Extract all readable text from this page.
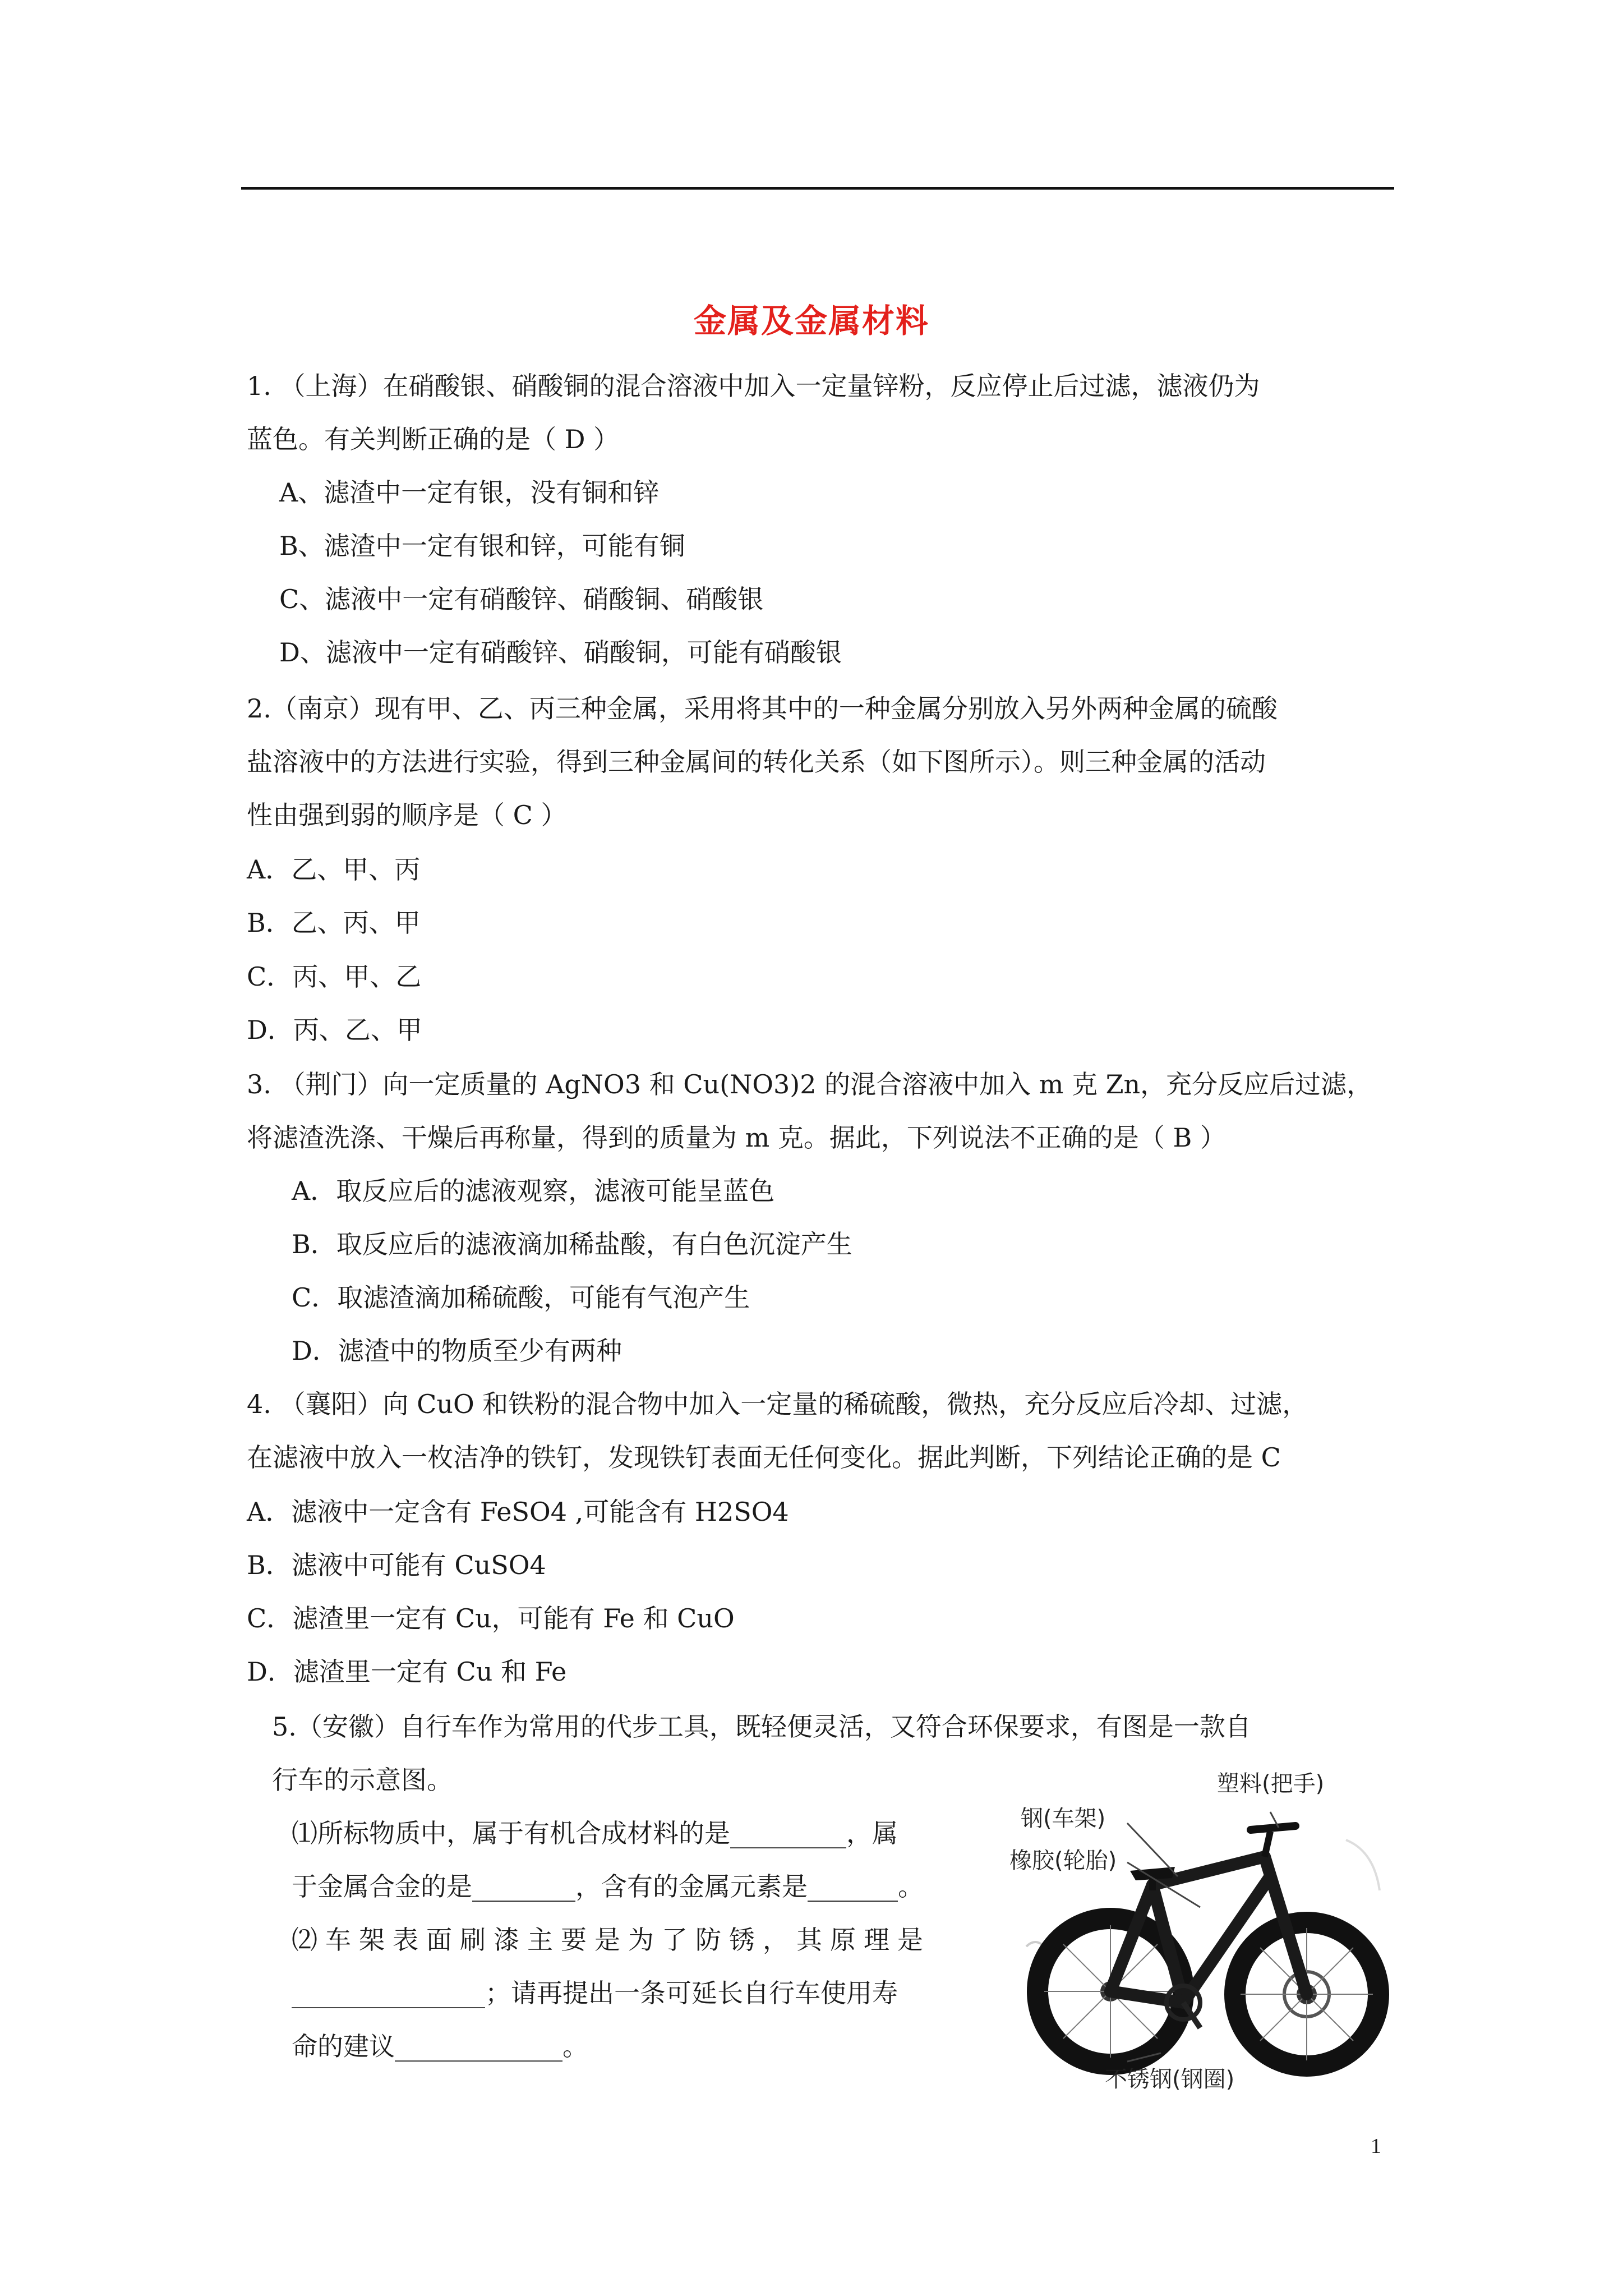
金属及金属材料
1. （上海）在硝酸银、硝酸铜的混合溶液中加入一定量锌粉，反应停止后过滤，滤液仍为
蓝色。有关判断正确的是（ D ）
A、滤渣中一定有银，没有铜和锌
B、滤渣中一定有银和锌，可能有铜
C、滤液中一定有硝酸锌、硝酸铜、硝酸银
D、滤液中一定有硝酸锌、硝酸铜，可能有硝酸银
2.（南京）现有甲、乙、丙三种金属，采用将其中的一种金属分别放入另外两种金属的硫酸
盐溶液中的方法进行实验，得到三种金属间的转化关系（如下图所示）。则三种金属的活动
性由强到弱的顺序是（ C ）
A．乙、甲、丙
B．乙、丙、甲
C．丙、甲、乙
D．丙、乙、甲
3. （荆门）向一定质量的 AgNO3 和 Cu(NO3)2 的混合溶液中加入 m 克 Zn，充分反应后过滤，
将滤渣洗涤、干燥后再称量，得到的质量为 m 克。据此，下列说法不正确的是（ B ）
A．取反应后的滤液观察，滤液可能呈蓝色
B．取反应后的滤液滴加稀盐酸，有白色沉淀产生
C．取滤渣滴加稀硫酸，可能有气泡产生
D．滤渣中的物质至少有两种
4. （襄阳）向 CuO 和铁粉的混合物中加入一定量的稀硫酸，微热，充分反应后冷却、过滤，
在滤液中放入一枚洁净的铁钉，发现铁钉表面无任何变化。据此判断，下列结论正确的是 C
A．滤液中一定含有 FeSO4 ,可能含有 H2SO4
B．滤液中可能有 CuSO4
C．滤渣里一定有 Cu，可能有 Fe 和 CuO
D．滤渣里一定有 Cu 和 Fe
5.（安徽）自行车作为常用的代步工具，既轻便灵活，又符合环保要求，有图是一款自
行车的示意图。
⑴所标物质中，属于有机合成材料的是_________，属
于金属合金的是________，含有的金属元素是_______。
⑵车架表面刷漆主要是为了防锈，其原理是
_______________；请再提出一条可延长自行车使用寿
命的建议_____________。
塑料(把手)
钢(车架)
橡胶(轮胎)
不锈钢(钢圈)
1
